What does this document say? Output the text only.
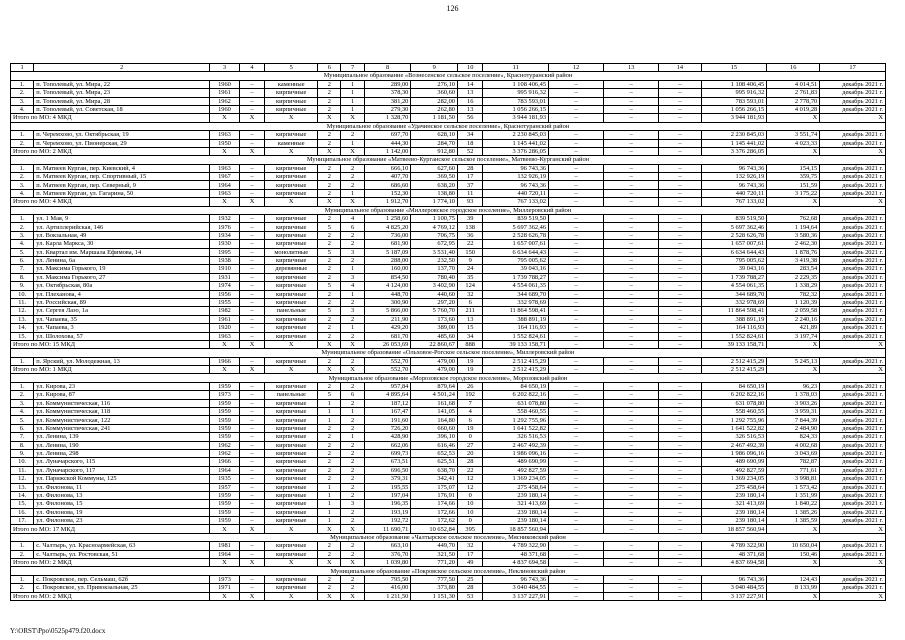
126
1	2	3	4	5	6	7	8	9	10	11	12	13	14	15	16	17
Муниципальное образование «Вознесенское сельское поселение», Краснотуранский район																
1.	п. Тополевый, ул. Мира, 22	1960	–	каменные	2	1	289,00	276,10	14	1 108 406,45	–	–	–	1 108 406,45	4 014,51	декабрь 2021 г.
2.	п. Тополевый, ул. Мира, 23	1961	–	кирпичные	2	1	378,30	360,60	13	995 916,32	–	–	–	995 916,32	2 761,83	декабрь 2021 г.
3.	п. Тополевый, ул. Мира, 28	1962	–	кирпичные	2	1	381,20	282,00	16	783 593,01	–	–	–	783 593,01	2 778,70	декабрь 2021 г.
4.	п. Тополевый, ул. Советская, 18	1960	–	кирпичные	2	1	279,30	262,80	13	1 056 266,15	–	–	–	1 056 266,15	4 019,28	декабрь 2021 г.
Итого по МО: 4 МКД		X	X	X	X	X	1 328,70	1 181,50	56	3 944 181,93	–	–	–	3 944 181,93	X	X
Муниципальное образование «Удачинское сельское поселение», Краснотуранский район																
1.	п. Черемхово, ул. Октябрьская, 19	1963	–	кирпичные	2	2	697,70	628,10	34	2 230 845,03	–	–	–	2 230 845,03	3 551,74	декабрь 2021 г.
2.	п. Черемхово, ул. Пионерская, 29	1950	–	каменные	2	1	444,30	284,70	18	1 145 441,02	–	–	–	1 145 441,02	4 023,33	декабрь 2021 г.
Итого по МО: 2 МКД		X	X	X	X	X	1 142,00	912,80	52	3 376 286,05	–	–	–	3 376 286,05	X	X
Муниципальное образование «Матвеево-Курганское сельское поселение», Матвеево-Курганский район																
1.	п. Матвеев Курган, пер. Киевский, 4	1963	–	кирпичные	2	2	666,10	627,60	28	96 743,36	–	–	–	96 743,36	154,15	декабрь 2021 г.
2.	п. Матвеев Курган, пер. Спортивный, 15	1967	–	кирпичные	2	2	407,70	369,50	17	132 926,19	–	–	–	132 926,19	359,75	декабрь 2021 г.
3.	п. Матвеев Курган, пер. Северный, 9	1964	–	кирпичные	2	2	686,60	638,20	37	96 743,36	–	–	–	96 743,36	151,59	декабрь 2021 г.
4.	п. Матвеев Курган, ул. Гагарина, 50	1963	–	кирпичные	2	1	152,30	138,80	11	440 720,11	–	–	–	440 720,11	3 175,22	декабрь 2021 г.
Итого по МО: 4 МКД		X	X	X	X	X	1 912,70	1 774,10	93	767 133,02	–	–	–	767 133,02	X	X
Муниципальное образование «Миллеровское городское поселение», Миллеровский район																
1.	ул. 1 Мая, 9	1932	–	кирпичные	2	4	1 258,60	1 100,75	39	839 519,50	–	–	–	839 519,50	762,68	декабрь 2021 г.
2.	ул. Артиллерийская, 146	1976	–	кирпичные	5	6	4 825,20	4 769,12	138	5 697 362,46	–	–	–	5 697 362,46	1 194,64	декабрь 2021 г.
3.	ул. Вокзальная, 49	1934	–	кирпичные	2	2	736,00	706,75	36	2 528 626,78	–	–	–	2 528 626,78	3 580,36	декабрь 2021 г.
4.	ул. Карла Маркса, 30	1930	–	кирпичные	2	2	681,90	672,95	22	1 657 007,61	–	–	–	1 657 007,61	2 462,30	декабрь 2021 г.
5.	ул. Квартал им. Маршала Ефимова, 14	1995	–	монолитные	5	3	5 187,09	3 531,40	150	6 634 644,43	–	–	–	6 634 644,43	1 878,76	декабрь 2021 г.
6.	ул. Ленина, 6а	1938	–	кирпичные	2	2	288,00	232,50	9	795 005,62	–	–	–	795 005,62	3 419,38	декабрь 2021 г.
7.	ул. Максима Горького, 19	1910	–	деревянные	2	1	160,00	137,70	24	39 043,16	–	–	–	39 043,16	283,54	декабрь 2021 г.
8.	ул. Максима Горького, 27	1931	–	кирпичные	2	3	854,50	780,40	35	1 739 788,27	–	–	–	1 739 788,27	2 229,35	декабрь 2021 г.
9.	ул. Октябрьская, 80а	1974	–	кирпичные	5	4	4 124,00	3 402,90	124	4 554 061,35	–	–	–	4 554 061,35	1 338,29	декабрь 2021 г.
10.	ул. Плеханова, 4	1956	–	кирпичные	2	1	448,70	440,60	32	344 689,70	–	–	–	344 689,70	782,32	декабрь 2021 г.
11.	ул. Российская, 89	1955	–	кирпичные	2	2	300,90	297,20	6	332 978,69	–	–	–	332 978,69	1 120,39	декабрь 2021 г.
12.	ул. Сергея Лазо, 1а	1982	–	панельные	5	3	5 866,00	5 760,70	211	11 864 598,41	–	–	–	11 864 598,41	2 059,58	декабрь 2021 г.
13.	ул. Чапаева, 35	1961	–	кирпичные	2	2	211,90	173,60	13	388 891,19	–	–	–	388 891,19	2 240,16	декабрь 2021 г.
14.	ул. Чапаева, 3	1920	–	кирпичные	2	1	429,20	389,00	15	164 116,93	–	–	–	164 116,93	421,89	декабрь 2021 г.
15.	ул. Шолохова, 57	1963	–	кирпичные	2	2	681,70	485,60	34	1 552 824,61	–	–	–	1 552 824,61	3 197,74	декабрь 2021 г.
Итого по МО: 15 МКД		X	X	X	X	X	26 053,69	22 860,67	888	39 133 158,71	–	–	–	39 133 158,71	X	X
Муниципальное образование «Ольховое-Рогское сельское поселение», Миллеровский район																
1.	п. Ярский, ул. Молодежная, 13	1966	–	кирпичные	2	2	552,70	479,00	19	2 512 415,29	–	–	–	2 512 415,29	5 245,13	декабрь 2021 г.
Итого по МО: 1 МКД		X	X	X	X	X	552,70	479,00	19	2 512 415,29	–	–	–	2 512 415,29	X	X
Муниципальное образование «Морозовское городское поселение», Морозовский район																
1.	ул. Кирова, 23	1959	–	кирпичные	2	2	957,84	879,64	26	84 650,19	–	–	–	84 650,19	96,23	декабрь 2021 г.
2.	ул. Кирова, 87	1973	–	панельные	5	6	4 895,64	4 501,24	192	6 202 822,16	–	–	–	6 202 822,16	1 378,03	декабрь 2021 г.
3.	ул. Коммунистическая, 116	1959	–	кирпичные	1	2	187,12	161,68	7	631 078,80	–	–	–	631 078,80	3 903,26	декабрь 2021 г.
4.	ул. Коммунистическая, 118	1959	–	кирпичные	1	1	167,47	141,05	4	558 460,55	–	–	–	558 460,55	3 959,31	декабрь 2021 г.
5.	ул. Коммунистическая, 122	1959	–	кирпичные	1	2	191,60	164,80	6	1 292 755,96	–	–	–	1 292 755,96	7 844,39	декабрь 2021 г.
6.	ул. Коммунистическая, 241	1959	–	кирпичные	2	2	726,20	660,60	19	1 641 522,82	–	–	–	1 641 522,82	2 484,90	декабрь 2021 г.
7.	ул. Ленина, 139	1959	–	кирпичные	2	1	428,90	396,10	0	326 516,53	–	–	–	326 516,53	824,33	декабрь 2021 г.
8.	ул. Ленина, 190	1962	–	кирпичные	2	2	662,06	616,46	27	2 467 492,39	–	–	–	2 467 492,39	4 002,68	декабрь 2021 г.
9.	ул. Ленина, 298	1962	–	кирпичные	2	2	699,73	652,53	20	1 986 096,16	–	–	–	1 986 096,16	3 043,69	декабрь 2021 г.
10.	ул. Луначарского, 115	1966	–	кирпичные	2	2	673,51	625,51	28	489 690,99	–	–	–	489 690,99	782,87	декабрь 2021 г.
11.	ул. Луначарского, 117	1964	–	кирпичные	2	2	696,50	638,70	22	492 827,59	–	–	–	492 827,59	771,61	декабрь 2021 г.
12.	ул. Парижской Коммуны, 125	1935	–	кирпичные	2	2	379,31	342,41	12	1 369 234,05	–	–	–	1 369 234,05	3 998,81	декабрь 2021 г.
13.	ул. Филонова, 11	1957	–	кирпичные	1	2	195,55	175,07	12	275 458,64	–	–	–	275 458,64	1 573,42	декабрь 2021 г.
14.	ул. Филонова, 13	1959	–	кирпичные	1	2	197,04	176,91	0	239 180,14	–	–	–	239 180,14	1 351,99	декабрь 2021 г.
15.	ул. Филонова, 15	1959	–	кирпичные	1	3	196,35	174,66	10	321 413,69	–	–	–	321 413,69	1 840,22	декабрь 2021 г.
16.	ул. Филонова, 19	1959	–	кирпичные	1	2	193,19	172,66	10	239 180,14	–	–	–	239 180,14	1 385,26	декабрь 2021 г.
17.	ул. Филонова, 23	1959	–	кирпичные	1	2	192,72	172,62	0	239 180,14	–	–	–	239 180,14	1 385,59	декабрь 2021 г.
Итого по МО: 17 МКД		X	X	X	X	X	11 690,71	10 652,84	395	18 857 560,94	–	–	–	18 857 560,94	X	X
Муниципальное образование «Чалтырское сельское поселение», Мясниковский район																
1.	с. Чалтырь, ул. Красноармейская, 63	1981	–	кирпичные	2	2	663,10	449,70	32	4 789 322,90	–	–	–	4 789 322,90	10 650,04	декабрь 2021 г.
2.	с. Чалтырь, ул. Ростовская, 51	1964	–	кирпичные	2	2	376,70	321,50	17	48 371,68	–	–	–	48 371,68	150,46	декабрь 2021 г.
Итого по МО: 2 МКД		X	X	X	X	X	1 039,80	771,20	49	4 837 694,58	–	–	–	4 837 694,58	X	X
Муниципальное образование «Покровское сельское поселение», Неклиновский район																
1.	с. Покровское, пер. Сельмаш, 62б	1973	–	кирпичные	2	2	795,50	777,50	25	96 743,36	–	–	–	96 743,36	124,43	декабрь 2021 г.
2.	с. Покровское, ул. Привокзальная, 25	1971	–	кирпичные	2	2	416,00	373,80	28	3 040 484,55	–	–	–	3 040 484,55	8 133,99	декабрь 2021 г.
Итого по МО: 2 МКД		X	X	X	X	X	1 211,50	1 151,30	53	3 137 227,91	–	–	–	3 137 227,91	X	X
Y:\ORST\Ppo\0525p479.f20.docx
